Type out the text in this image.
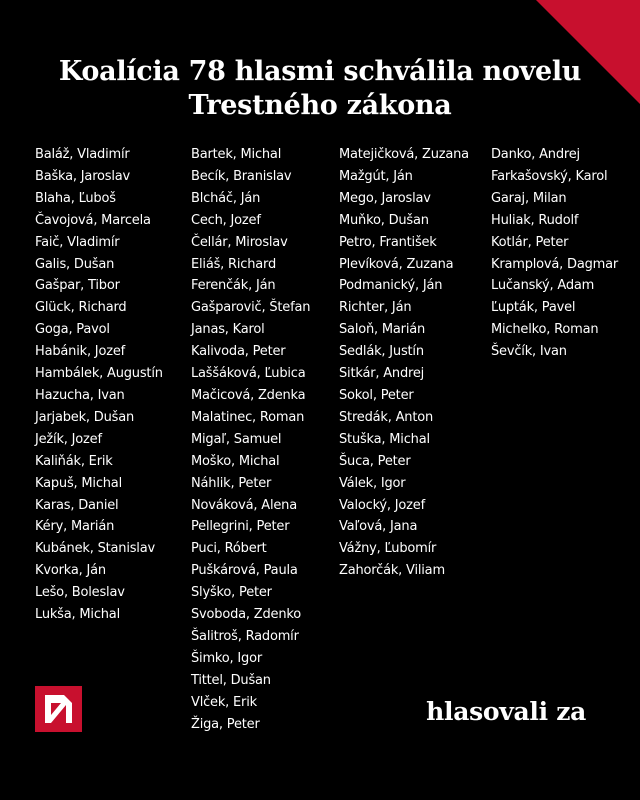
Koalícia 78 hlasmi schválila novelu
Trestného zákona
Baláž, Vladimír
Baška, Jaroslav
Blaha, Ľuboš
Čavojová, Marcela
Faič, Vladimír
Galis, Dušan
Gašpar, Tibor
Glück, Richard
Goga, Pavol
Habánik, Jozef
Hambálek, Augustín
Hazucha, Ivan
Jarjabek, Dušan
Ježík, Jozef
Kaliňák, Erik
Kapuš, Michal
Karas, Daniel
Kéry, Marián
Kubánek, Stanislav
Kvorka, Ján
Lešo, Boleslav
Lukša, Michal
Bartek, Michal
Becík, Branislav
Blcháč, Ján
Cech, Jozef
Čellár, Miroslav
Eliáš, Richard
Ferenčák, Ján
Gašparovič, Štefan
Janas, Karol
Kalivoda, Peter
Laššáková, Ľubica
Mačicová, Zdenka
Malatinec, Roman
Migaľ, Samuel
Moško, Michal
Náhlik, Peter
Nováková, Alena
Pellegrini, Peter
Puci, Róbert
Puškárová, Paula
Slyško, Peter
Svoboda, Zdenko
Šalitroš, Radomír
Šimko, Igor
Tittel, Dušan
Vlček, Erik
Žiga, Peter
Matejičková, Zuzana
Mažgút, Ján
Mego, Jaroslav
Muňko, Dušan
Petro, František
Plevíková, Zuzana
Podmanický, Ján
Richter, Ján
Saloň, Marián
Sedlák, Justín
Sitkár, Andrej
Sokol, Peter
Stredák, Anton
Stuška, Michal
Šuca, Peter
Válek, Igor
Valocký, Jozef
Vaľová, Jana
Vážny, Ľubomír
Zahorčák, Viliam
Danko, Andrej
Farkašovský, Karol
Garaj, Milan
Huliak, Rudolf
Kotlár, Peter
Kramplová, Dagmar
Lučanský, Adam
Ľupták, Pavel
Michelko, Roman
Ševčík, Ivan
hlasovali za
